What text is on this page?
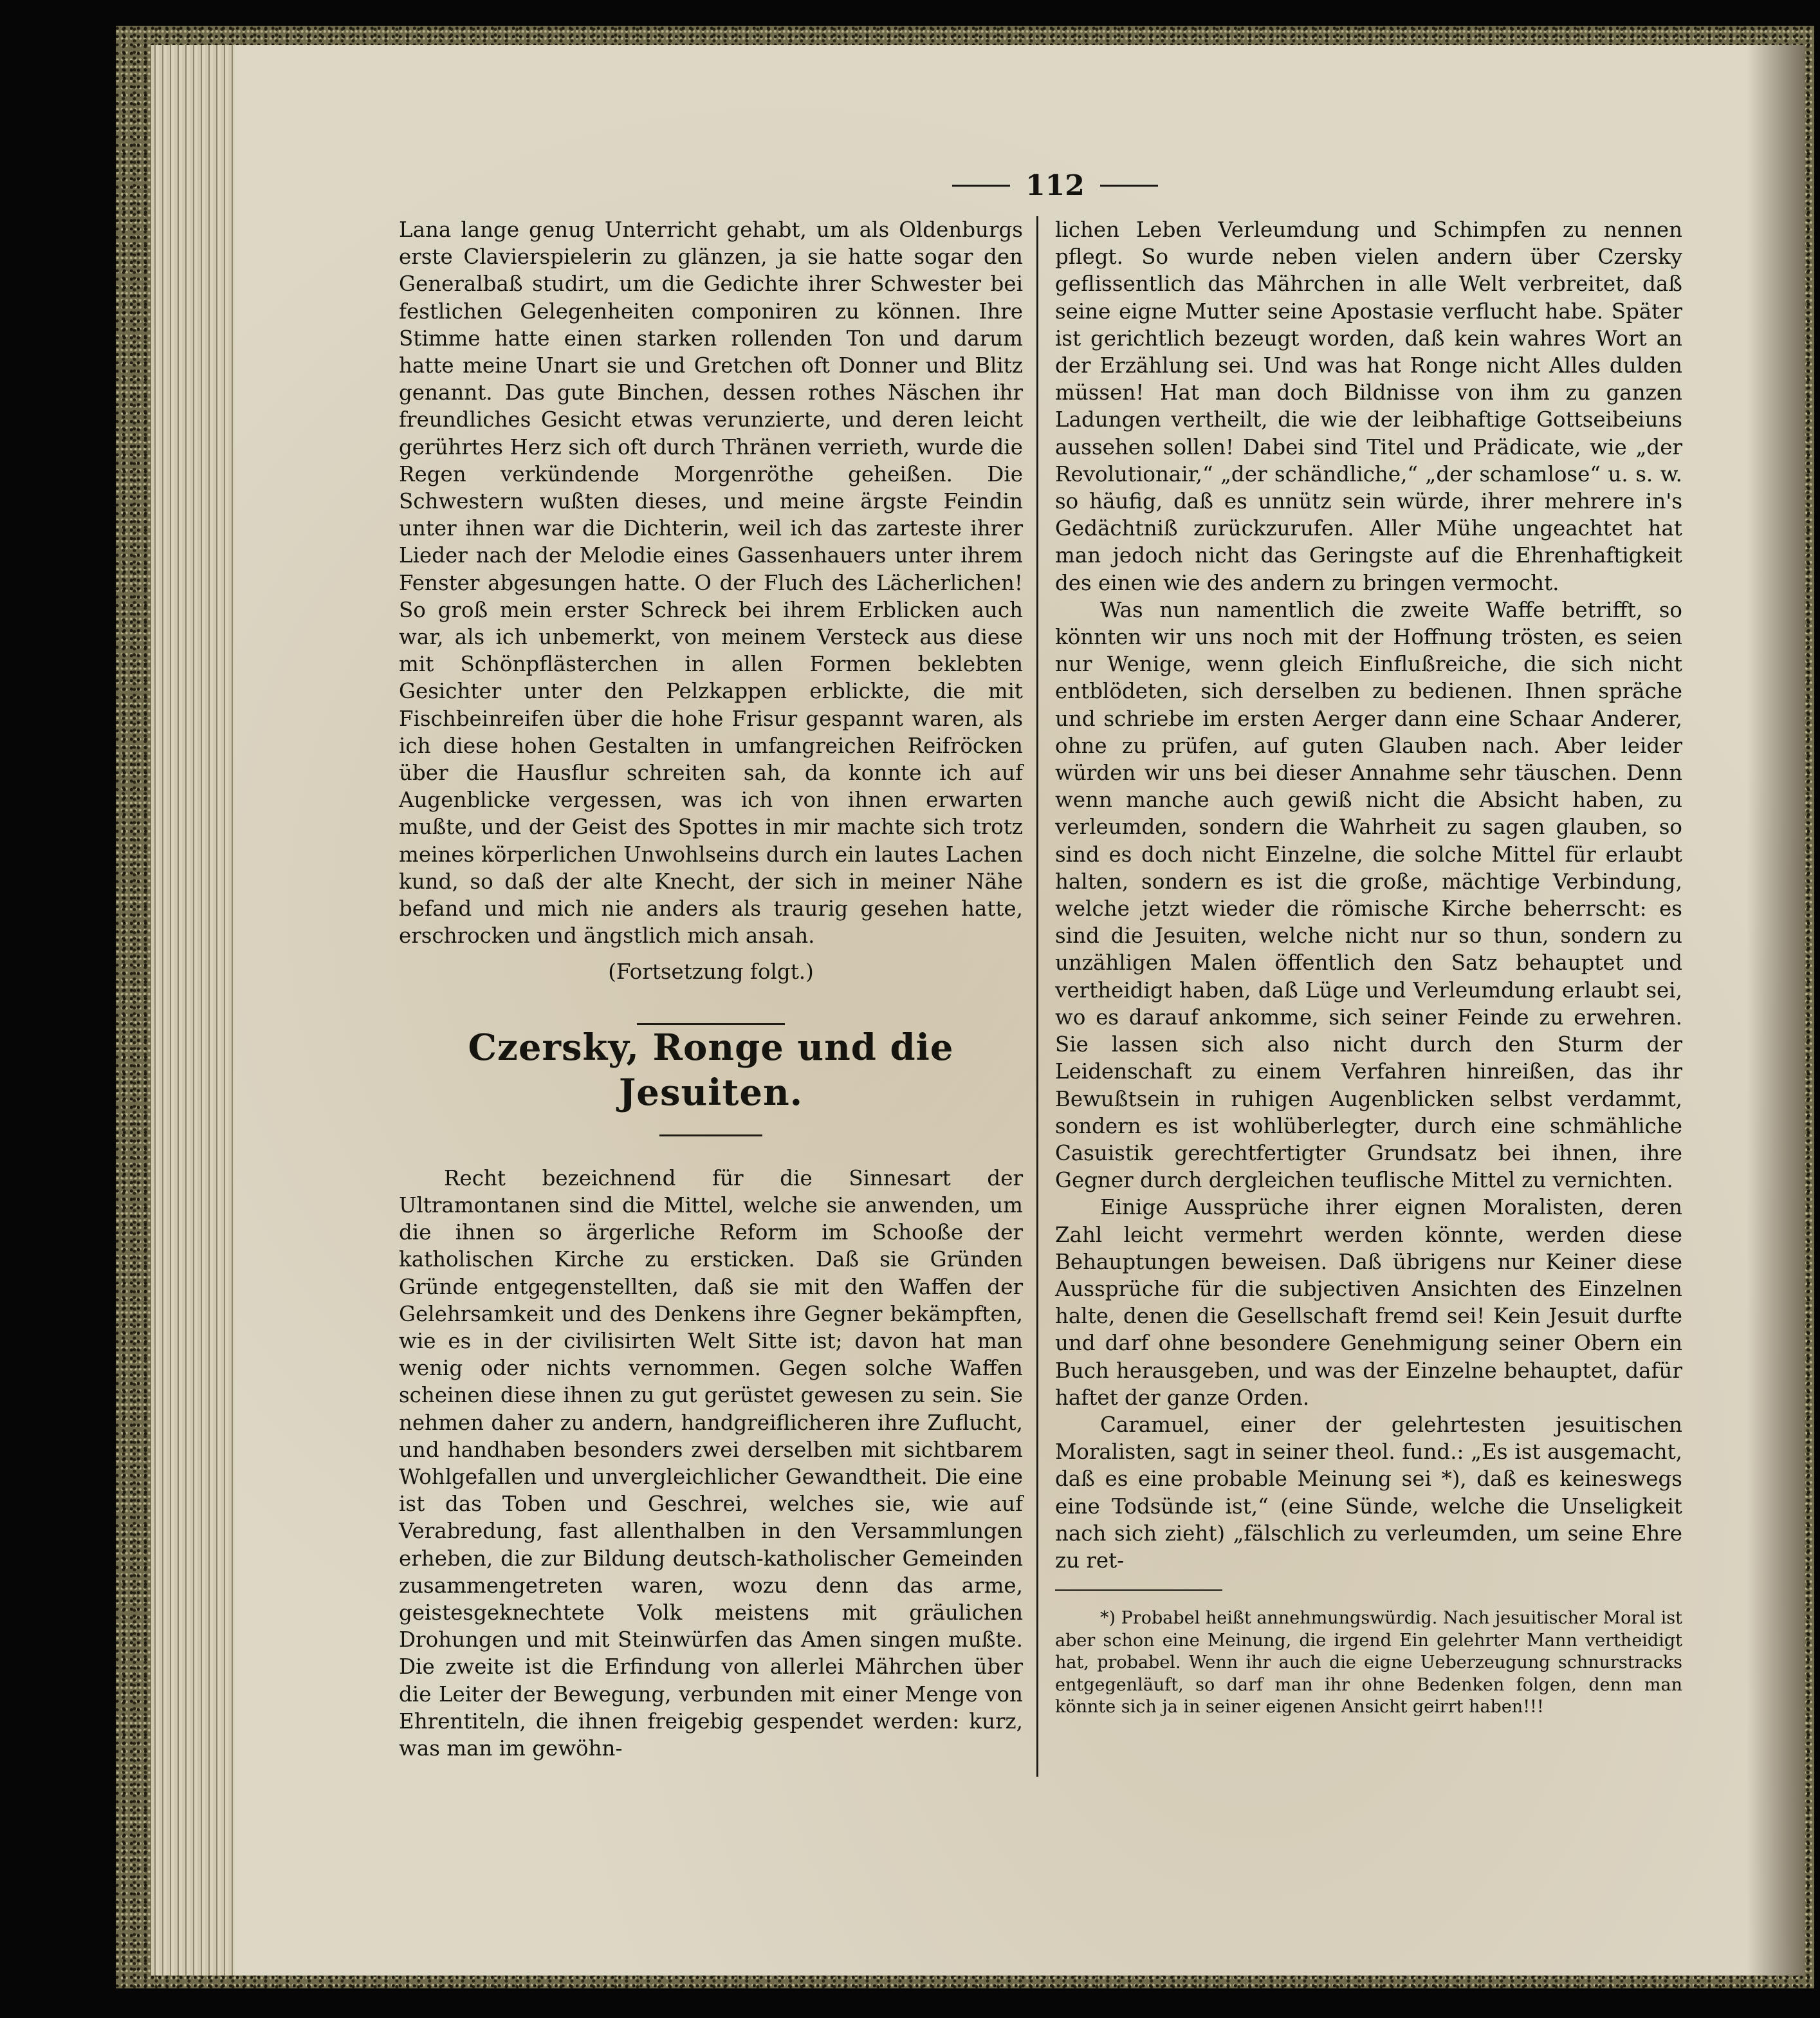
112

Lana lange genug Unterricht gehabt, um als Oldenburgs erste Clavierspielerin zu glänzen, ja sie hatte sogar den Generalbaß studirt, um die Gedichte ihrer Schwester bei festlichen Gelegenheiten componiren zu können. Ihre Stimme hatte einen starken rollenden Ton und darum hatte meine Unart sie und Gretchen oft Donner und Blitz genannt. Das gute Binchen, dessen rothes Näschen ihr freundliches Gesicht etwas verunzierte, und deren leicht gerührtes Herz sich oft durch Thränen verrieth, wurde die Regen verkündende Morgenröthe geheißen. Die Schwestern wußten dieses, und meine ärgste Feindin unter ihnen war die Dichterin, weil ich das zarteste ihrer Lieder nach der Melodie eines Gassenhauers unter ihrem Fenster abgesungen hatte. O der Fluch des Lächerlichen! So groß mein erster Schreck bei ihrem Erblicken auch war, als ich unbemerkt, von meinem Versteck aus diese mit Schönpflästerchen in allen Formen beklebten Gesichter unter den Pelzkappen erblickte, die mit Fischbeinreifen über die hohe Frisur gespannt waren, als ich diese hohen Gestalten in umfangreichen Reifröcken über die Hausflur schreiten sah, da konnte ich auf Augenblicke vergessen, was ich von ihnen erwarten mußte, und der Geist des Spottes in mir machte sich trotz meines körperlichen Unwohlseins durch ein lautes Lachen kund, so daß der alte Knecht, der sich in meiner Nähe befand und mich nie anders als traurig gesehen hatte, erschrocken und ängstlich mich ansah.

(Fortsetzung folgt.)

Czersky, Ronge und die Jesuiten.

Recht bezeichnend für die Sinnesart der Ultramontanen sind die Mittel, welche sie anwenden, um die ihnen so ärgerliche Reform im Schooße der katholischen Kirche zu ersticken. Daß sie Gründen Gründe entgegenstellten, daß sie mit den Waffen der Gelehrsamkeit und des Denkens ihre Gegner bekämpften, wie es in der civilisirten Welt Sitte ist; davon hat man wenig oder nichts vernommen. Gegen solche Waffen scheinen diese ihnen zu gut gerüstet gewesen zu sein. Sie nehmen daher zu andern, handgreiflicheren ihre Zuflucht, und handhaben besonders zwei derselben mit sichtbarem Wohlgefallen und unvergleichlicher Gewandtheit. Die eine ist das Toben und Geschrei, welches sie, wie auf Verabredung, fast allenthalben in den Versammlungen erheben, die zur Bildung deutsch-katholischer Gemeinden zusammengetreten waren, wozu denn das arme, geistesgeknechtete Volk meistens mit gräulichen Drohungen und mit Steinwürfen das Amen singen mußte. Die zweite ist die Erfindung von allerlei Mährchen über die Leiter der Bewegung, verbunden mit einer Menge von Ehrentiteln, die ihnen freigebig gespendet werden: kurz, was man im gewöhn-

lichen Leben Verleumdung und Schimpfen zu nennen pflegt. So wurde neben vielen andern über Czersky geflissentlich das Mährchen in alle Welt verbreitet, daß seine eigne Mutter seine Apostasie verflucht habe. Später ist gerichtlich bezeugt worden, daß kein wahres Wort an der Erzählung sei. Und was hat Ronge nicht Alles dulden müssen! Hat man doch Bildnisse von ihm zu ganzen Ladungen vertheilt, die wie der leibhaftige Gottseibeiuns aussehen sollen! Dabei sind Titel und Prädicate, wie „der Revolutionair,“ „der schändliche,“ „der schamlose“ u. s. w. so häufig, daß es unnütz sein würde, ihrer mehrere in's Gedächtniß zurückzurufen. Aller Mühe ungeachtet hat man jedoch nicht das Geringste auf die Ehrenhaftigkeit des einen wie des andern zu bringen vermocht.

Was nun namentlich die zweite Waffe betrifft, so könnten wir uns noch mit der Hoffnung trösten, es seien nur Wenige, wenn gleich Einflußreiche, die sich nicht entblödeten, sich derselben zu bedienen. Ihnen spräche und schriebe im ersten Aerger dann eine Schaar Anderer, ohne zu prüfen, auf guten Glauben nach. Aber leider würden wir uns bei dieser Annahme sehr täuschen. Denn wenn manche auch gewiß nicht die Absicht haben, zu verleumden, sondern die Wahrheit zu sagen glauben, so sind es doch nicht Einzelne, die solche Mittel für erlaubt halten, sondern es ist die große, mächtige Verbindung, welche jetzt wieder die römische Kirche beherrscht: es sind die Jesuiten, welche nicht nur so thun, sondern zu unzähligen Malen öffentlich den Satz behauptet und vertheidigt haben, daß Lüge und Verleumdung erlaubt sei, wo es darauf ankomme, sich seiner Feinde zu erwehren. Sie lassen sich also nicht durch den Sturm der Leidenschaft zu einem Verfahren hinreißen, das ihr Bewußtsein in ruhigen Augenblicken selbst verdammt, sondern es ist wohlüberlegter, durch eine schmähliche Casuistik gerechtfertigter Grundsatz bei ihnen, ihre Gegner durch dergleichen teuflische Mittel zu vernichten.

Einige Aussprüche ihrer eignen Moralisten, deren Zahl leicht vermehrt werden könnte, werden diese Behauptungen beweisen. Daß übrigens nur Keiner diese Aussprüche für die subjectiven Ansichten des Einzelnen halte, denen die Gesellschaft fremd sei! Kein Jesuit durfte und darf ohne besondere Genehmigung seiner Obern ein Buch herausgeben, und was der Einzelne behauptet, dafür haftet der ganze Orden.

Caramuel, einer der gelehrtesten jesuitischen Moralisten, sagt in seiner theol. fund.: „Es ist ausgemacht, daß es eine probable Meinung sei *), daß es keineswegs eine Todsünde ist,“ (eine Sünde, welche die Unseligkeit nach sich zieht) „fälschlich zu verleumden, um seine Ehre zu ret-

*) Probabel heißt annehmungswürdig. Nach jesuitischer Moral ist aber schon eine Meinung, die irgend Ein gelehrter Mann vertheidigt hat, probabel. Wenn ihr auch die eigne Ueberzeugung schnurstracks entgegenläuft, so darf man ihr ohne Bedenken folgen, denn man könnte sich ja in seiner eigenen Ansicht geirrt haben!!!
